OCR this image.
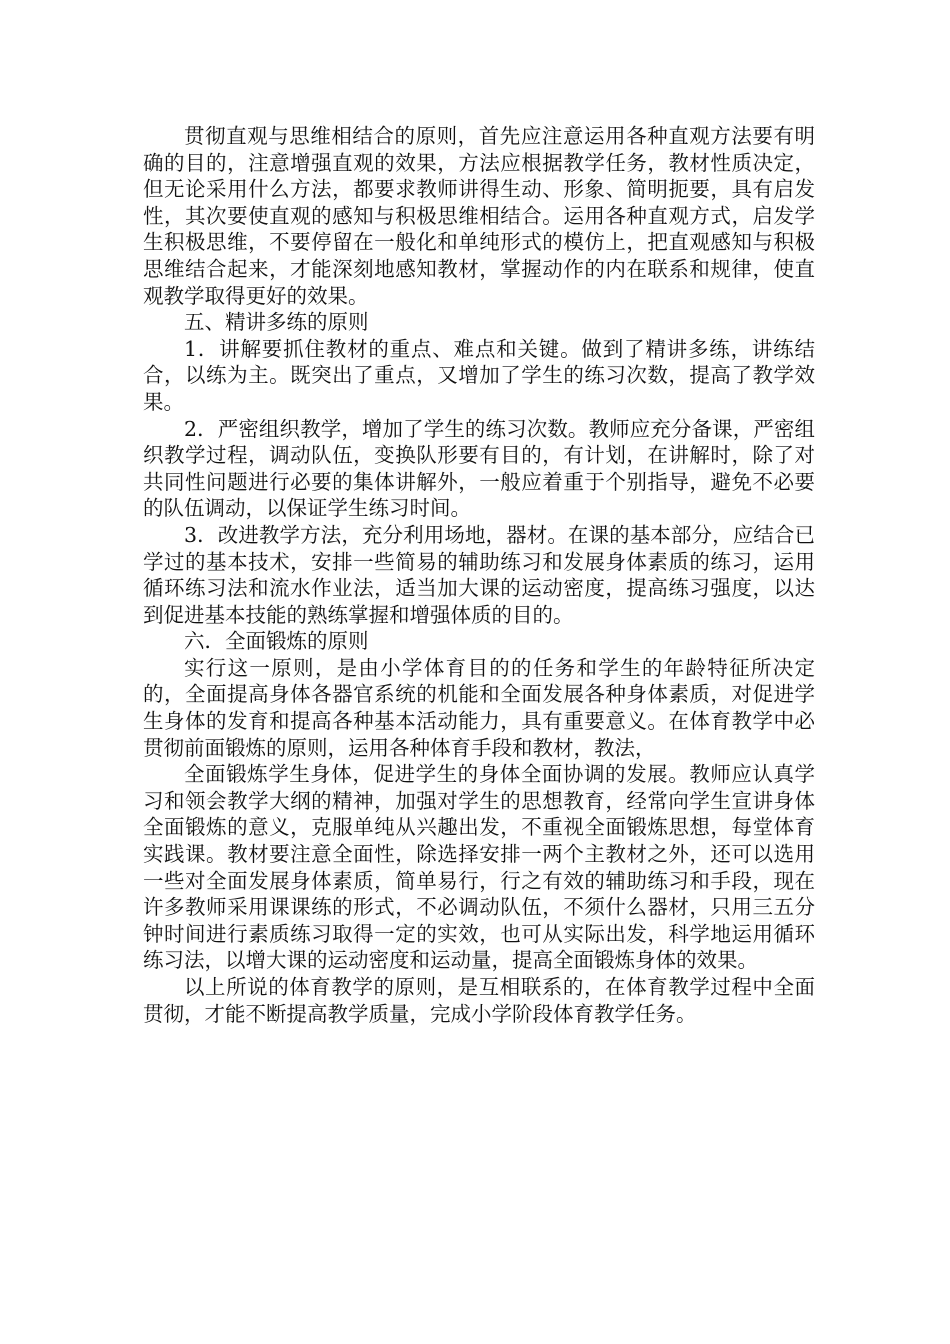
贯彻直观与思维相结合的原则，首先应注意运用各种直观方法要有明确的目的，注意增强直观的效果，方法应根据教学任务，教材性质决定，但无论采用什么方法，都要求教师讲得生动、形象、简明扼要，具有启发性，其次要使直观的感知与积极思维相结合。运用各种直观方式，启发学生积极思维，不要停留在一般化和单纯形式的模仿上，把直观感知与积极思维结合起来，才能深刻地感知教材，掌握动作的内在联系和规律，使直观教学取得更好的效果。

五、精讲多练的原则

1．讲解要抓住教材的重点、难点和关键。做到了精讲多练，讲练结合，以练为主。既突出了重点，又增加了学生的练习次数，提高了教学效果。

2．严密组织教学，增加了学生的练习次数。教师应充分备课，严密组织教学过程，调动队伍，变换队形要有目的，有计划，在讲解时，除了对共同性问题进行必要的集体讲解外，一般应着重于个别指导，避免不必要的队伍调动，以保证学生练习时间。

3．改进教学方法，充分利用场地，器材。在课的基本部分，应结合已学过的基本技术，安排一些简易的辅助练习和发展身体素质的练习，运用循环练习法和流水作业法，适当加大课的运动密度，提高练习强度，以达到促进基本技能的熟练掌握和增强体质的目的。

六．全面锻炼的原则

实行这一原则，是由小学体育目的的任务和学生的年龄特征所决定的，全面提高身体各器官系统的机能和全面发展各种身体素质，对促进学生身体的发育和提高各种基本活动能力，具有重要意义。在体育教学中必贯彻前面锻炼的原则，运用各种体育手段和教材，教法，

全面锻炼学生身体，促进学生的身体全面协调的发展。教师应认真学习和领会教学大纲的精神，加强对学生的思想教育，经常向学生宣讲身体全面锻炼的意义，克服单纯从兴趣出发，不重视全面锻炼思想，每堂体育实践课。教材要注意全面性，除选择安排一两个主教材之外，还可以选用一些对全面发展身体素质，简单易行，行之有效的辅助练习和手段，现在许多教师采用课课练的形式，不必调动队伍，不须什么器材，只用三五分钟时间进行素质练习取得一定的实效，也可从实际出发，科学地运用循环练习法，以增大课的运动密度和运动量，提高全面锻炼身体的效果。

以上所说的体育教学的原则，是互相联系的，在体育教学过程中全面贯彻，才能不断提高教学质量，完成小学阶段体育教学任务。
